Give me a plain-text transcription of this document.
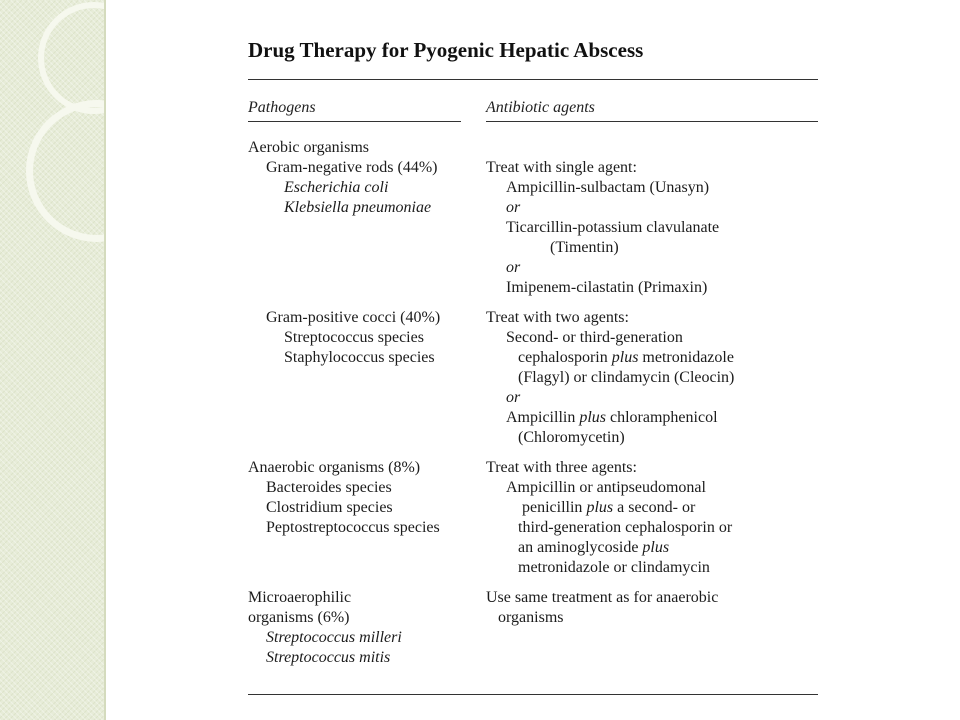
Drug Therapy for Pyogenic Hepatic Abscess
Pathogens	Antibiotic agents
Aerobic organisms
Gram-negative rods (44%)
Escherichia coli
Klebsiella pneumoniae
Treat with single agent:
Ampicillin-sulbactam (Unasyn)
or
Ticarcillin-potassium clavulanate
(Timentin)
or
Imipenem-cilastatin (Primaxin)
Gram-positive cocci (40%)
Streptococcus species
Staphylococcus species
Treat with two agents:
Second- or third-generation
cephalosporin plus metronidazole
(Flagyl) or clindamycin (Cleocin)
or
Ampicillin plus chloramphenicol
(Chloromycetin)
Anaerobic organisms (8%)
Bacteroides species
Clostridium species
Peptostreptococcus species
Treat with three agents:
Ampicillin or antipseudomonal
penicillin plus a second- or
third-generation cephalosporin or
an aminoglycoside plus
metronidazole or clindamycin
Microaerophilic
organisms (6%)
Streptococcus milleri
Streptococcus mitis
Use same treatment as for anaerobic
organisms
